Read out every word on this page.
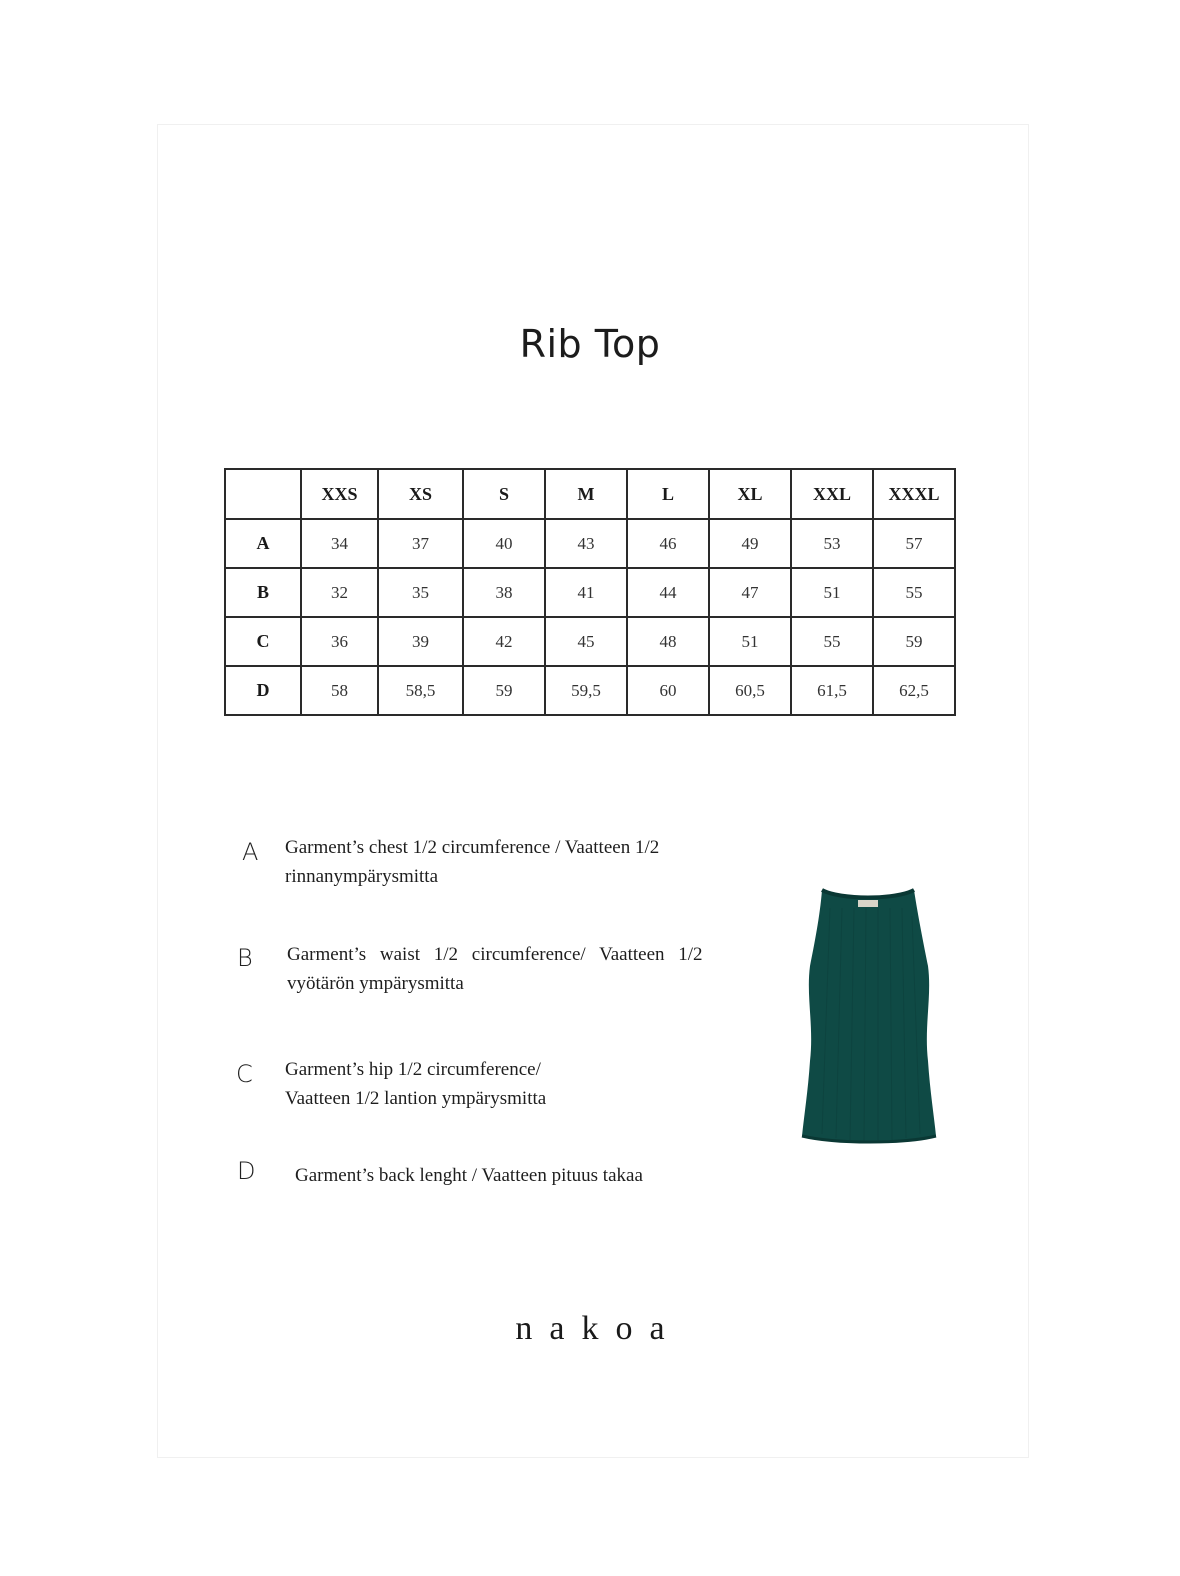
Rib Top
	XXS	XS	S	M	L	XL	XXL	XXXL
A	34	37	40	43	46	49	53	57
B	32	35	38	41	44	47	51	55
C	36	39	42	45	48	51	55	59
D	58	58,5	59	59,5	60	60,5	61,5	62,5
A Garment’s chest 1/2 circumference / Vaatteen 1/2
rinnanympärysmitta
B Garment’s waist 1/2 circumference/ Vaatteen 1/2
vyötärön ympärysmitta
C Garment’s hip 1/2 circumference/
Vaatteen 1/2 lantion ympärysmitta
D Garment’s back lenght / Vaatteen pituus takaa
nakoa
